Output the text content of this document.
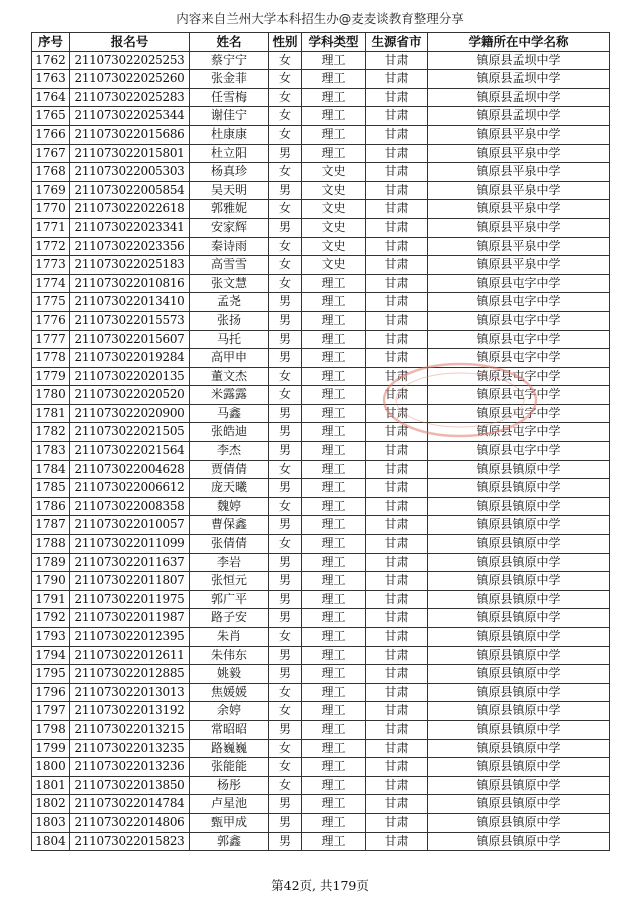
内容来自兰州大学本科招生办@麦麦谈教育整理分享
序号	报名号	姓名	性别	学科类型	生源省市	学籍所在中学名称
1762	211073022025253	蔡宁宁	女	理工	甘肃	镇原县孟坝中学
1763	211073022025260	张金菲	女	理工	甘肃	镇原县孟坝中学
1764	211073022025283	任雪梅	女	理工	甘肃	镇原县孟坝中学
1765	211073022025344	谢佳宁	女	理工	甘肃	镇原县孟坝中学
1766	211073022015686	杜康康	女	理工	甘肃	镇原县平泉中学
1767	211073022015801	杜立阳	男	理工	甘肃	镇原县平泉中学
1768	211073022005303	杨真珍	女	文史	甘肃	镇原县平泉中学
1769	211073022005854	吴天明	男	文史	甘肃	镇原县平泉中学
1770	211073022022618	郭雅妮	女	文史	甘肃	镇原县平泉中学
1771	211073022023341	安家辉	男	文史	甘肃	镇原县平泉中学
1772	211073022023356	秦诗雨	女	文史	甘肃	镇原县平泉中学
1773	211073022025183	高雪雪	女	文史	甘肃	镇原县平泉中学
1774	211073022010816	张文慧	女	理工	甘肃	镇原县屯字中学
1775	211073022013410	孟尧	男	理工	甘肃	镇原县屯字中学
1776	211073022015573	张扬	男	理工	甘肃	镇原县屯字中学
1777	211073022015607	马托	男	理工	甘肃	镇原县屯字中学
1778	211073022019284	高甲申	男	理工	甘肃	镇原县屯字中学
1779	211073022020135	董文杰	女	理工	甘肃	镇原县屯字中学
1780	211073022020520	米露露	女	理工	甘肃	镇原县屯字中学
1781	211073022020900	马鑫	男	理工	甘肃	镇原县屯字中学
1782	211073022021505	张皓迪	男	理工	甘肃	镇原县屯字中学
1783	211073022021564	李杰	男	理工	甘肃	镇原县屯字中学
1784	211073022004628	贾倩倩	女	理工	甘肃	镇原县镇原中学
1785	211073022006612	庞天曦	男	理工	甘肃	镇原县镇原中学
1786	211073022008358	魏婷	女	理工	甘肃	镇原县镇原中学
1787	211073022010057	曹保鑫	男	理工	甘肃	镇原县镇原中学
1788	211073022011099	张倩倩	女	理工	甘肃	镇原县镇原中学
1789	211073022011637	李岩	男	理工	甘肃	镇原县镇原中学
1790	211073022011807	张恒元	男	理工	甘肃	镇原县镇原中学
1791	211073022011975	郭广平	男	理工	甘肃	镇原县镇原中学
1792	211073022011987	路子安	男	理工	甘肃	镇原县镇原中学
1793	211073022012395	朱肖	女	理工	甘肃	镇原县镇原中学
1794	211073022012611	朱伟东	男	理工	甘肃	镇原县镇原中学
1795	211073022012885	姚毅	男	理工	甘肃	镇原县镇原中学
1796	211073022013013	焦媛媛	女	理工	甘肃	镇原县镇原中学
1797	211073022013192	余婷	女	理工	甘肃	镇原县镇原中学
1798	211073022013215	常昭昭	男	理工	甘肃	镇原县镇原中学
1799	211073022013235	路巍巍	女	理工	甘肃	镇原县镇原中学
1800	211073022013236	张能能	女	理工	甘肃	镇原县镇原中学
1801	211073022013850	杨彤	女	理工	甘肃	镇原县镇原中学
1802	211073022014784	卢星池	男	理工	甘肃	镇原县镇原中学
1803	211073022014806	甄甲成	男	理工	甘肃	镇原县镇原中学
1804	211073022015823	郭鑫	男	理工	甘肃	镇原县镇原中学
第42页, 共179页
